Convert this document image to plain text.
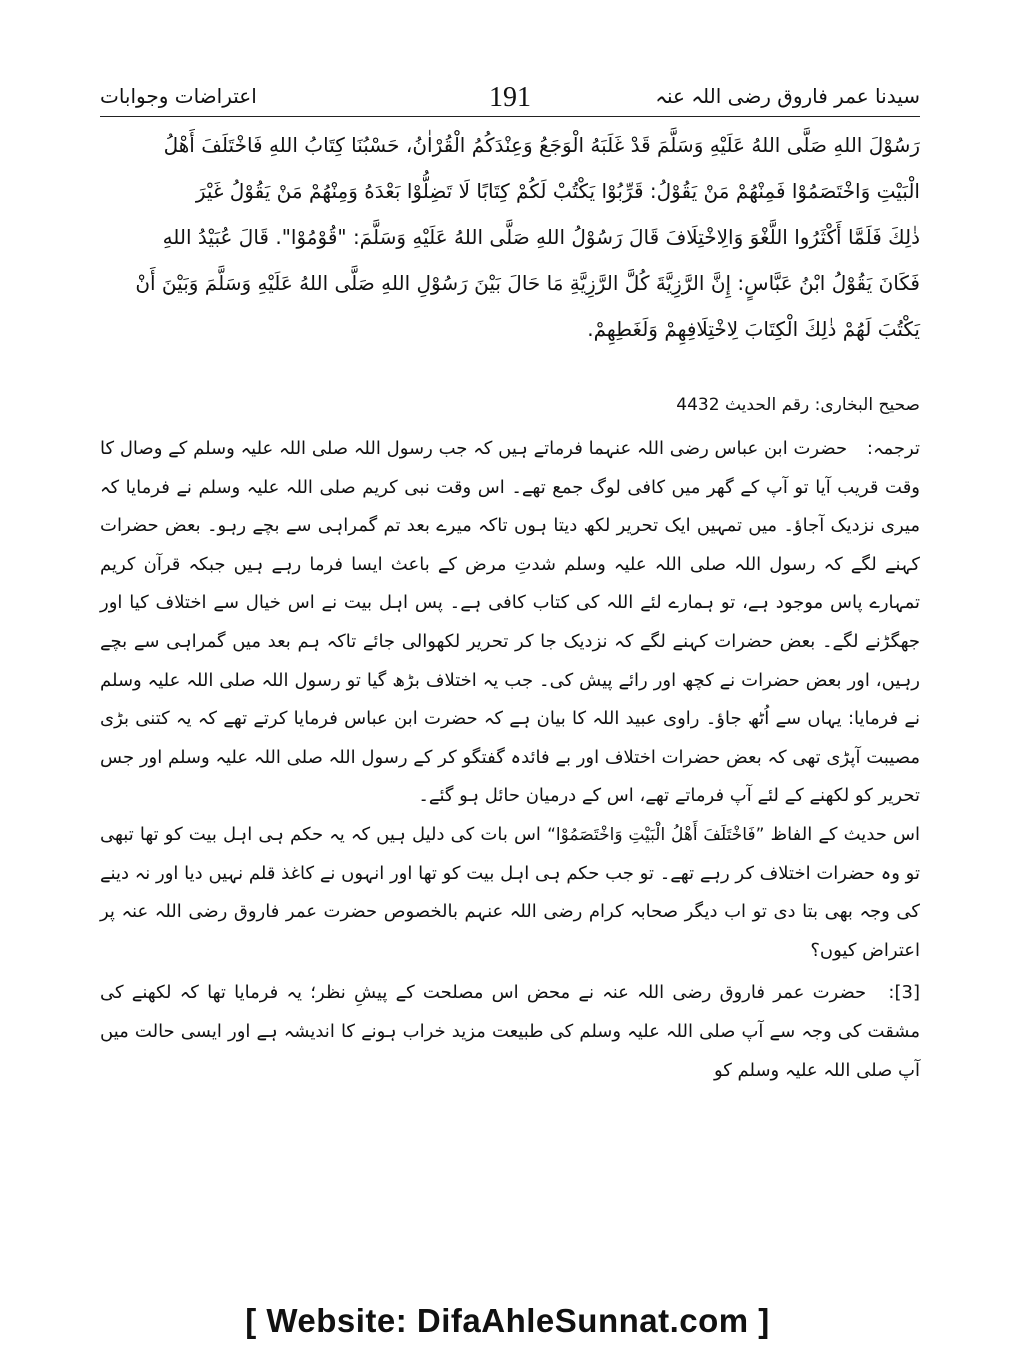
سیدنا عمر فاروق رضی اللہ عنہ
191
اعتراضات وجوابات

رَسُوْلَ اللهِ صَلَّى اللهُ عَلَيْهِ وَسَلَّمَ قَدْ غَلَبَهُ الْوَجَعُ وَعِنْدَكُمُ الْقُرْاٰنُ، حَسْبُنَا كِتَابُ اللهِ فَاخْتَلَفَ أَهْلُ

الْبَيْتِ وَاخْتَصَمُوْا فَمِنْهُمْ مَنْ يَقُوْلُ: قَرِّبُوْا يَكْتُبْ لَكُمْ كِتَابًا لَا تَضِلُّوْا بَعْدَهُ وَمِنْهُمْ مَنْ يَقُوْلُ غَيْرَ

ذٰلِكَ فَلَمَّا أَكْثَرُوا اللَّغْوَ وَالِاخْتِلَافَ قَالَ رَسُوْلُ اللهِ صَلَّى اللهُ عَلَيْهِ وَسَلَّمَ: "قُوْمُوْا". قَالَ عُبَيْدُ اللهِ

فَكَانَ يَقُوْلُ ابْنُ عَبَّاسٍ: إِنَّ الرَّزِيَّةَ كُلَّ الرَّزِيَّةِ مَا حَالَ بَيْنَ رَسُوْلِ اللهِ صَلَّى اللهُ عَلَيْهِ وَسَلَّمَ وَبَيْنَ أَنْ

يَكْتُبَ لَهُمْ ذٰلِكَ الْكِتَابَ لِاخْتِلَافِهِمْ وَلَغَطِهِمْ.

صحیح البخاری: رقم الحدیث 4432

ترجمہ: حضرت ابن عباس رضی اللہ عنہما فرماتے ہیں کہ جب رسول اللہ صلی اللہ علیہ وسلم کے وصال کا وقت قریب آیا تو آپ کے گھر میں کافی لوگ جمع تھے۔ اس وقت نبی کریم صلی اللہ علیہ وسلم نے فرمایا کہ میری نزدیک آجاؤ۔ میں تمہیں ایک تحریر لکھ دیتا ہوں تاکہ میرے بعد تم گمراہی سے بچے رہو۔ بعض حضرات کہنے لگے کہ رسول اللہ صلی اللہ علیہ وسلم شدتِ مرض کے باعث ایسا فرما رہے ہیں جبکہ قرآن کریم تمہارے پاس موجود ہے، تو ہمارے لئے اللہ کی کتاب کافی ہے۔ پس اہل بیت نے اس خیال سے اختلاف کیا اور جھگڑنے لگے۔ بعض حضرات کہنے لگے کہ نزدیک جا کر تحریر لکھوالی جائے تاکہ ہم بعد میں گمراہی سے بچے رہیں، اور بعض حضرات نے کچھ اور رائے پیش کی۔ جب یہ اختلاف بڑھ گیا تو رسول اللہ صلی اللہ علیہ وسلم نے فرمایا: یہاں سے اُٹھ جاؤ۔ راوی عبید اللہ کا بیان ہے کہ حضرت ابن عباس فرمایا کرتے تھے کہ یہ کتنی بڑی مصیبت آپڑی تھی کہ بعض حضرات اختلاف اور بے فائدہ گفتگو کر کے رسول اللہ صلی اللہ علیہ وسلم اور جس تحریر کو لکھنے کے لئے آپ فرماتے تھے، اس کے درمیان حائل ہو گئے۔

اس حدیث کے الفاظ ”فَاخْتَلَفَ أَهْلُ الْبَيْتِ وَاخْتَصَمُوْا“ اس بات کی دلیل ہیں کہ یہ حکم ہی اہل بیت کو تھا تبھی تو وہ حضرات اختلاف کر رہے تھے۔ تو جب حکم ہی اہل بیت کو تھا اور انہوں نے کاغذ قلم نہیں دیا اور نہ دینے کی وجہ بھی بتا دی تو اب دیگر صحابہ کرام رضی اللہ عنہم بالخصوص حضرت عمر فاروق رضی اللہ عنہ پر اعتراض کیوں؟

[3]: حضرت عمر فاروق رضی اللہ عنہ نے محض اس مصلحت کے پیشِ نظر؛ یہ فرمایا تھا کہ لکھنے کی مشقت کی وجہ سے آپ صلی اللہ علیہ وسلم کی طبیعت مزید خراب ہونے کا اندیشہ ہے اور ایسی حالت میں آپ صلی اللہ علیہ وسلم کو

[ Website: DifaAhleSunnat.com ]
